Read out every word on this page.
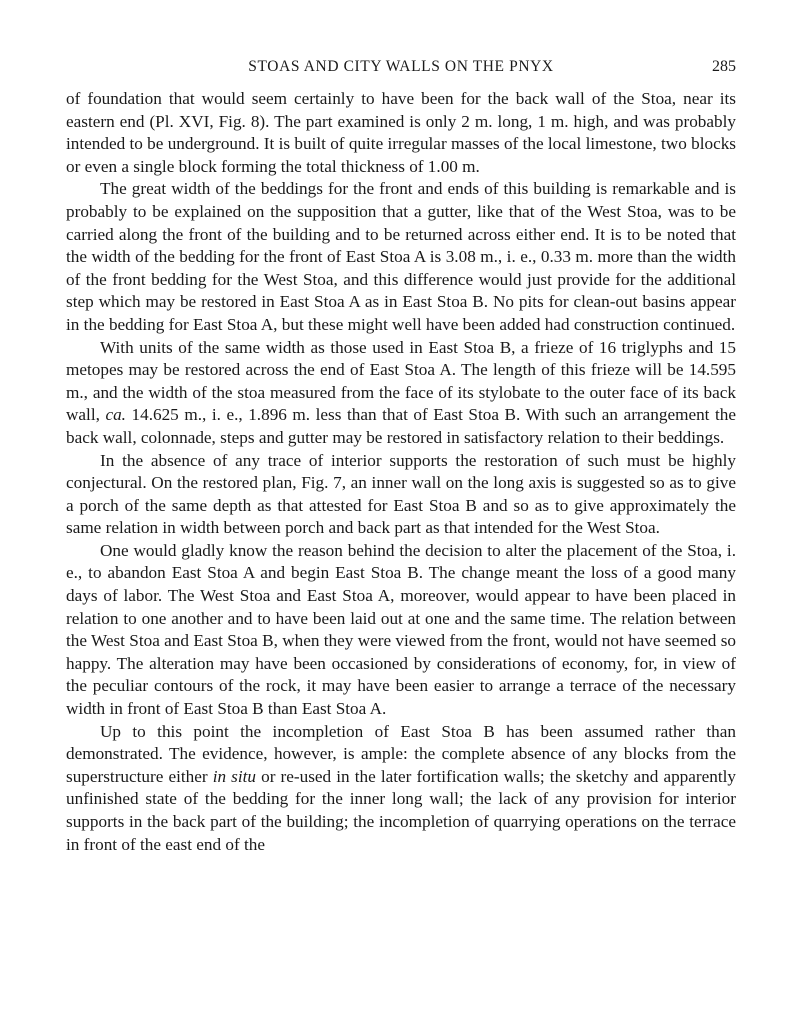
STOAS AND CITY WALLS ON THE PNYX	285

of foundation that would seem certainly to have been for the back wall of the Stoa, near its eastern end (Pl. XVI, Fig. 8). The part examined is only 2 m. long, 1 m. high, and was probably intended to be underground. It is built of quite irregular masses of the local limestone, two blocks or even a single block forming the total thickness of 1.00 m.

The great width of the beddings for the front and ends of this building is remarkable and is probably to be explained on the supposition that a gutter, like that of the West Stoa, was to be carried along the front of the building and to be returned across either end. It is to be noted that the width of the bedding for the front of East Stoa A is 3.08 m., i. e., 0.33 m. more than the width of the front bedding for the West Stoa, and this difference would just provide for the additional step which may be restored in East Stoa A as in East Stoa B. No pits for clean-out basins appear in the bedding for East Stoa A, but these might well have been added had construction continued.

With units of the same width as those used in East Stoa B, a frieze of 16 triglyphs and 15 metopes may be restored across the end of East Stoa A. The length of this frieze will be 14.595 m., and the width of the stoa measured from the face of its stylobate to the outer face of its back wall, ca. 14.625 m., i. e., 1.896 m. less than that of East Stoa B. With such an arrangement the back wall, colonnade, steps and gutter may be restored in satisfactory relation to their beddings.

In the absence of any trace of interior supports the restoration of such must be highly conjectural. On the restored plan, Fig. 7, an inner wall on the long axis is suggested so as to give a porch of the same depth as that attested for East Stoa B and so as to give approximately the same relation in width between porch and back part as that intended for the West Stoa.

One would gladly know the reason behind the decision to alter the placement of the Stoa, i. e., to abandon East Stoa A and begin East Stoa B. The change meant the loss of a good many days of labor. The West Stoa and East Stoa A, moreover, would appear to have been placed in relation to one another and to have been laid out at one and the same time. The relation between the West Stoa and East Stoa B, when they were viewed from the front, would not have seemed so happy. The alteration may have been occasioned by considerations of economy, for, in view of the peculiar contours of the rock, it may have been easier to arrange a terrace of the necessary width in front of East Stoa B than East Stoa A.

Up to this point the incompletion of East Stoa B has been assumed rather than demonstrated. The evidence, however, is ample: the complete absence of any blocks from the superstructure either in situ or re-used in the later fortification walls; the sketchy and apparently unfinished state of the bedding for the inner long wall; the lack of any provision for interior supports in the back part of the building; the incompletion of quarrying operations on the terrace in front of the east end of the
